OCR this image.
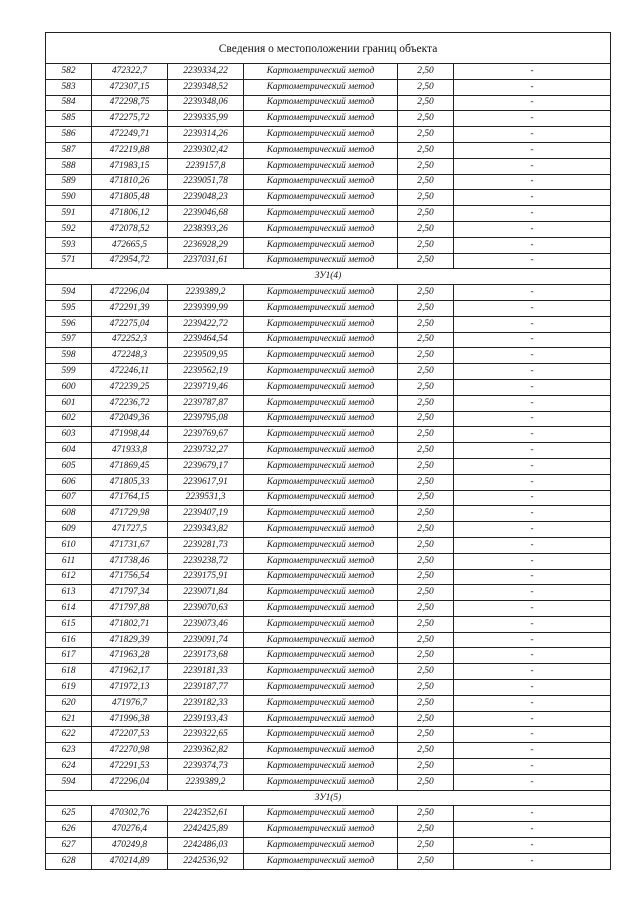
Сведения о местоположении границ объекта					
582	472322,7	2239334,22	Картометрический метод	2,50	-
583	472307,15	2239348,52	Картометрический метод	2,50	-
584	472298,75	2239348,06	Картометрический метод	2,50	-
585	472275,72	2239335,99	Картометрический метод	2,50	-
586	472249,71	2239314,26	Картометрический метод	2,50	-
587	472219,88	2239302,42	Картометрический метод	2,50	-
588	471983,15	2239157,8	Картометрический метод	2,50	-
589	471810,26	2239051,78	Картометрический метод	2,50	-
590	471805,48	2239048,23	Картометрический метод	2,50	-
591	471806,12	2239046,68	Картометрический метод	2,50	-
592	472078,52	2238393,26	Картометрический метод	2,50	-
593	472665,5	2236928,29	Картометрический метод	2,50	-
571	472954,72	2237031,61	Картометрический метод	2,50	-
ЗУ1(4)					
594	472296,04	2239389,2	Картометрический метод	2,50	-
595	472291,39	2239399,99	Картометрический метод	2,50	-
596	472275,04	2239422,72	Картометрический метод	2,50	-
597	472252,3	2239464,54	Картометрический метод	2,50	-
598	472248,3	2239509,95	Картометрический метод	2,50	-
599	472246,11	2239562,19	Картометрический метод	2,50	-
600	472239,25	2239719,46	Картометрический метод	2,50	-
601	472236,72	2239787,87	Картометрический метод	2,50	-
602	472049,36	2239795,08	Картометрический метод	2,50	-
603	471998,44	2239769,67	Картометрический метод	2,50	-
604	471933,8	2239732,27	Картометрический метод	2,50	-
605	471869,45	2239679,17	Картометрический метод	2,50	-
606	471805,33	2239617,91	Картометрический метод	2,50	-
607	471764,15	2239531,3	Картометрический метод	2,50	-
608	471729,98	2239407,19	Картометрический метод	2,50	-
609	471727,5	2239343,82	Картометрический метод	2,50	-
610	471731,67	2239281,73	Картометрический метод	2,50	-
611	471738,46	2239238,72	Картометрический метод	2,50	-
612	471756,54	2239175,91	Картометрический метод	2,50	-
613	471797,34	2239071,84	Картометрический метод	2,50	-
614	471797,88	2239070,63	Картометрический метод	2,50	-
615	471802,71	2239073,46	Картометрический метод	2,50	-
616	471829,39	2239091,74	Картометрический метод	2,50	-
617	471963,28	2239173,68	Картометрический метод	2,50	-
618	471962,17	2239181,33	Картометрический метод	2,50	-
619	471972,13	2239187,77	Картометрический метод	2,50	-
620	471976,7	2239182,33	Картометрический метод	2,50	-
621	471996,38	2239193,43	Картометрический метод	2,50	-
622	472207,53	2239322,65	Картометрический метод	2,50	-
623	472270,98	2239362,82	Картометрический метод	2,50	-
624	472291,53	2239374,73	Картометрический метод	2,50	-
594	472296,04	2239389,2	Картометрический метод	2,50	-
ЗУ1(5)					
625	470302,76	2242352,61	Картометрический метод	2,50	-
626	470276,4	2242425,89	Картометрический метод	2,50	-
627	470249,8	2242486,03	Картометрический метод	2,50	-
628	470214,89	2242536,92	Картометрический метод	2,50	-
